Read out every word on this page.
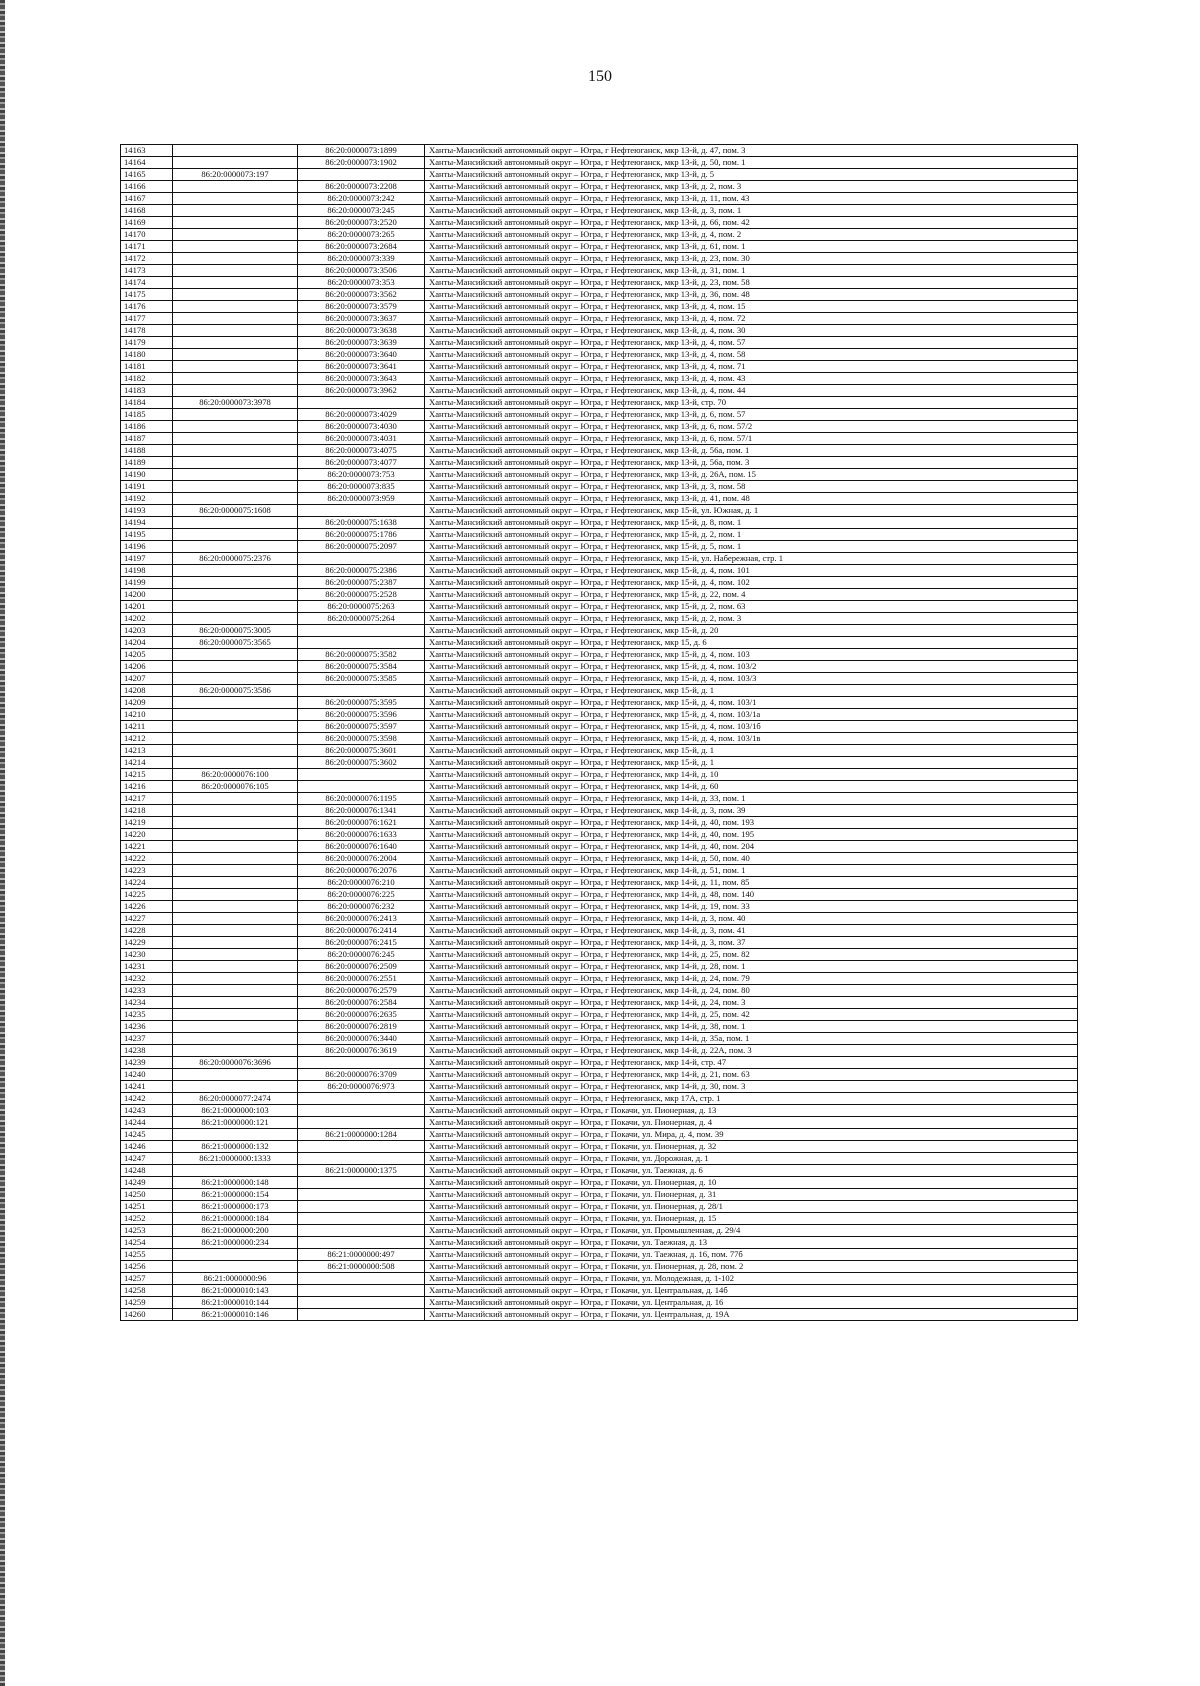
150
14163		86:20:0000073:1899	Ханты-Мансийский автономный округ – Югра, г Нефтеюганск, мкр 13-й, д. 47, пом. 3
14164		86:20:0000073:1902	Ханты-Мансийский автономный округ – Югра, г Нефтеюганск, мкр 13-й, д. 50, пом. 1
14165	86:20:0000073:197		Ханты-Мансийский автономный округ – Югра, г Нефтеюганск, мкр 13-й, д. 5
14166		86:20:0000073:2208	Ханты-Мансийский автономный округ – Югра, г Нефтеюганск, мкр 13-й, д. 2, пом. 3
14167		86:20:0000073:242	Ханты-Мансийский автономный округ – Югра, г Нефтеюганск, мкр 13-й, д. 11, пом. 43
14168		86:20:0000073:245	Ханты-Мансийский автономный округ – Югра, г Нефтеюганск, мкр 13-й, д. 3, пом. 1
14169		86:20:0000073:2520	Ханты-Мансийский автономный округ – Югра, г Нефтеюганск, мкр 13-й, д. 66, пом. 42
14170		86:20:0000073:265	Ханты-Мансийский автономный округ – Югра, г Нефтеюганск, мкр 13-й, д. 4, пом. 2
14171		86:20:0000073:2684	Ханты-Мансийский автономный округ – Югра, г Нефтеюганск, мкр 13-й, д. 61, пом. 1
14172		86:20:0000073:339	Ханты-Мансийский автономный округ – Югра, г Нефтеюганск, мкр 13-й, д. 23, пом. 30
14173		86:20:0000073:3506	Ханты-Мансийский автономный округ – Югра, г Нефтеюганск, мкр 13-й, д. 31, пом. 1
14174		86:20:0000073:353	Ханты-Мансийский автономный округ – Югра, г Нефтеюганск, мкр 13-й, д. 23, пом. 58
14175		86:20:0000073:3562	Ханты-Мансийский автономный округ – Югра, г Нефтеюганск, мкр 13-й, д. 36, пом. 48
14176		86:20:0000073:3579	Ханты-Мансийский автономный округ – Югра, г Нефтеюганск, мкр 13-й, д. 4, пом. 15
14177		86:20:0000073:3637	Ханты-Мансийский автономный округ – Югра, г Нефтеюганск, мкр 13-й, д. 4, пом. 72
14178		86:20:0000073:3638	Ханты-Мансийский автономный округ – Югра, г Нефтеюганск, мкр 13-й, д. 4, пом. 30
14179		86:20:0000073:3639	Ханты-Мансийский автономный округ – Югра, г Нефтеюганск, мкр 13-й, д. 4, пом. 57
14180		86:20:0000073:3640	Ханты-Мансийский автономный округ – Югра, г Нефтеюганск, мкр 13-й, д. 4, пом. 58
14181		86:20:0000073:3641	Ханты-Мансийский автономный округ – Югра, г Нефтеюганск, мкр 13-й, д. 4, пом. 71
14182		86:20:0000073:3643	Ханты-Мансийский автономный округ – Югра, г Нефтеюганск, мкр 13-й, д. 4, пом. 43
14183		86:20:0000073:3962	Ханты-Мансийский автономный округ – Югра, г Нефтеюганск, мкр 13-й, д. 4, пом. 44
14184	86:20:0000073:3978		Ханты-Мансийский автономный округ – Югра, г Нефтеюганск, мкр 13-й, стр. 70
14185		86:20:0000073:4029	Ханты-Мансийский автономный округ – Югра, г Нефтеюганск, мкр 13-й, д. 6, пом. 57
14186		86:20:0000073:4030	Ханты-Мансийский автономный округ – Югра, г Нефтеюганск, мкр 13-й, д. 6, пом. 57/2
14187		86:20:0000073:4031	Ханты-Мансийский автономный округ – Югра, г Нефтеюганск, мкр 13-й, д. 6, пом. 57/1
14188		86:20:0000073:4075	Ханты-Мансийский автономный округ – Югра, г Нефтеюганск, мкр 13-й, д. 56а, пом. 1
14189		86:20:0000073:4077	Ханты-Мансийский автономный округ – Югра, г Нефтеюганск, мкр 13-й, д. 56а, пом. 3
14190		86:20:0000073:753	Ханты-Мансийский автономный округ – Югра, г Нефтеюганск, мкр 13-й, д. 26А, пом. 15
14191		86:20:0000073:835	Ханты-Мансийский автономный округ – Югра, г Нефтеюганск, мкр 13-й, д. 3, пом. 58
14192		86:20:0000073:959	Ханты-Мансийский автономный округ – Югра, г Нефтеюганск, мкр 13-й, д. 41, пом. 48
14193	86:20:0000075:1608		Ханты-Мансийский автономный округ – Югра, г Нефтеюганск, мкр 15-й, ул. Южная, д. 1
14194		86:20:0000075:1638	Ханты-Мансийский автономный округ – Югра, г Нефтеюганск, мкр 15-й, д. 8, пом. 1
14195		86:20:0000075:1786	Ханты-Мансийский автономный округ – Югра, г Нефтеюганск, мкр 15-й, д. 2, пом. 1
14196		86:20:0000075:2097	Ханты-Мансийский автономный округ – Югра, г Нефтеюганск, мкр 15-й, д. 5, пом. 1
14197	86:20:0000075:2376		Ханты-Мансийский автономный округ – Югра, г Нефтеюганск, мкр 15-й, ул. Набережная, стр. 1
14198		86:20:0000075:2386	Ханты-Мансийский автономный округ – Югра, г Нефтеюганск, мкр 15-й, д. 4, пом. 101
14199		86:20:0000075:2387	Ханты-Мансийский автономный округ – Югра, г Нефтеюганск, мкр 15-й, д. 4, пом. 102
14200		86:20:0000075:2528	Ханты-Мансийский автономный округ – Югра, г Нефтеюганск, мкр 15-й, д. 22, пом. 4
14201		86:20:0000075:263	Ханты-Мансийский автономный округ – Югра, г Нефтеюганск, мкр 15-й, д. 2, пом. 63
14202		86:20:0000075:264	Ханты-Мансийский автономный округ – Югра, г Нефтеюганск, мкр 15-й, д. 2, пом. 3
14203	86:20:0000075:3005		Ханты-Мансийский автономный округ – Югра, г Нефтеюганск, мкр 15-й, д. 20
14204	86:20:0000075:3565		Ханты-Мансийский автономный округ – Югра, г Нефтеюганск, мкр 15, д. 6
14205		86:20:0000075:3582	Ханты-Мансийский автономный округ – Югра, г Нефтеюганск, мкр 15-й, д. 4, пом. 103
14206		86:20:0000075:3584	Ханты-Мансийский автономный округ – Югра, г Нефтеюганск, мкр 15-й, д. 4, пом. 103/2
14207		86:20:0000075:3585	Ханты-Мансийский автономный округ – Югра, г Нефтеюганск, мкр 15-й, д. 4, пом. 103/3
14208	86:20:0000075:3586		Ханты-Мансийский автономный округ – Югра, г Нефтеюганск, мкр 15-й, д. 1
14209		86:20:0000075:3595	Ханты-Мансийский автономный округ – Югра, г Нефтеюганск, мкр 15-й, д. 4, пом. 103/1
14210		86:20:0000075:3596	Ханты-Мансийский автономный округ – Югра, г Нефтеюганск, мкр 15-й, д. 4, пом. 103/1а
14211		86:20:0000075:3597	Ханты-Мансийский автономный округ – Югра, г Нефтеюганск, мкр 15-й, д. 4, пом. 103/1б
14212		86:20:0000075:3598	Ханты-Мансийский автономный округ – Югра, г Нефтеюганск, мкр 15-й, д. 4, пом. 103/1в
14213		86:20:0000075:3601	Ханты-Мансийский автономный округ – Югра, г Нефтеюганск, мкр 15-й, д. 1
14214		86:20:0000075:3602	Ханты-Мансийский автономный округ – Югра, г Нефтеюганск, мкр 15-й, д. 1
14215	86:20:0000076:100		Ханты-Мансийский автономный округ – Югра, г Нефтеюганск, мкр 14-й, д. 10
14216	86:20:0000076:105		Ханты-Мансийский автономный округ – Югра, г Нефтеюганск, мкр 14-й, д. 60
14217		86:20:0000076:1195	Ханты-Мансийский автономный округ – Югра, г Нефтеюганск, мкр 14-й, д. 33, пом. 1
14218		86:20:0000076:1341	Ханты-Мансийский автономный округ – Югра, г Нефтеюганск, мкр 14-й, д. 3, пом. 39
14219		86:20:0000076:1621	Ханты-Мансийский автономный округ – Югра, г Нефтеюганск, мкр 14-й, д. 40, пом. 193
14220		86:20:0000076:1633	Ханты-Мансийский автономный округ – Югра, г Нефтеюганск, мкр 14-й, д. 40, пом. 195
14221		86:20:0000076:1640	Ханты-Мансийский автономный округ – Югра, г Нефтеюганск, мкр 14-й, д. 40, пом. 204
14222		86:20:0000076:2004	Ханты-Мансийский автономный округ – Югра, г Нефтеюганск, мкр 14-й, д. 50, пом. 40
14223		86:20:0000076:2076	Ханты-Мансийский автономный округ – Югра, г Нефтеюганск, мкр 14-й, д. 51, пом. 1
14224		86:20:0000076:210	Ханты-Мансийский автономный округ – Югра, г Нефтеюганск, мкр 14-й, д. 11, пом. 85
14225		86:20:0000076:225	Ханты-Мансийский автономный округ – Югра, г Нефтеюганск, мкр 14-й, д. 48, пом. 140
14226		86:20:0000076:232	Ханты-Мансийский автономный округ – Югра, г Нефтеюганск, мкр 14-й, д. 19, пом. 33
14227		86:20:0000076:2413	Ханты-Мансийский автономный округ – Югра, г Нефтеюганск, мкр 14-й, д. 3, пом. 40
14228		86:20:0000076:2414	Ханты-Мансийский автономный округ – Югра, г Нефтеюганск, мкр 14-й, д. 3, пом. 41
14229		86:20:0000076:2415	Ханты-Мансийский автономный округ – Югра, г Нефтеюганск, мкр 14-й, д. 3, пом. 37
14230		86:20:0000076:245	Ханты-Мансийский автономный округ – Югра, г Нефтеюганск, мкр 14-й, д. 25, пом. 82
14231		86:20:0000076:2509	Ханты-Мансийский автономный округ – Югра, г Нефтеюганск, мкр 14-й, д. 28, пом. 1
14232		86:20:0000076:2551	Ханты-Мансийский автономный округ – Югра, г Нефтеюганск, мкр 14-й, д. 24, пом. 79
14233		86:20:0000076:2579	Ханты-Мансийский автономный округ – Югра, г Нефтеюганск, мкр 14-й, д. 24, пом. 80
14234		86:20:0000076:2584	Ханты-Мансийский автономный округ – Югра, г Нефтеюганск, мкр 14-й, д. 24, пом. 3
14235		86:20:0000076:2635	Ханты-Мансийский автономный округ – Югра, г Нефтеюганск, мкр 14-й, д. 25, пом. 42
14236		86:20:0000076:2819	Ханты-Мансийский автономный округ – Югра, г Нефтеюганск, мкр 14-й, д. 38, пом. 1
14237		86:20:0000076:3440	Ханты-Мансийский автономный округ – Югра, г Нефтеюганск, мкр 14-й, д. 35а, пом. 1
14238		86:20:0000076:3619	Ханты-Мансийский автономный округ – Югра, г Нефтеюганск, мкр 14-й, д. 22А, пом. 3
14239	86:20:0000076:3696		Ханты-Мансийский автономный округ – Югра, г Нефтеюганск, мкр 14-й, стр. 47
14240		86:20:0000076:3709	Ханты-Мансийский автономный округ – Югра, г Нефтеюганск, мкр 14-й, д. 21, пом. 63
14241		86:20:0000076:973	Ханты-Мансийский автономный округ – Югра, г Нефтеюганск, мкр 14-й, д. 30, пом. 3
14242	86:20:0000077:2474		Ханты-Мансийский автономный округ – Югра, г Нефтеюганск, мкр 17А, стр. 1
14243	86:21:0000000:103		Ханты-Мансийский автономный округ – Югра, г Покачи, ул. Пионерная, д. 13
14244	86:21:0000000:121		Ханты-Мансийский автономный округ – Югра, г Покачи, ул. Пионерная, д. 4
14245		86:21:0000000:1284	Ханты-Мансийский автономный округ – Югра, г Покачи, ул. Мира, д. 4, пом. 39
14246	86:21:0000000:132		Ханты-Мансийский автономный округ – Югра, г Покачи, ул. Пионерная, д. 32
14247	86:21:0000000:1333		Ханты-Мансийский автономный округ – Югра, г Покачи, ул. Дорожная, д. 1
14248		86:21:0000000:1375	Ханты-Мансийский автономный округ – Югра, г Покачи, ул. Таежная, д. 6
14249	86:21:0000000:148		Ханты-Мансийский автономный округ – Югра, г Покачи, ул. Пионерная, д. 10
14250	86:21:0000000:154		Ханты-Мансийский автономный округ – Югра, г Покачи, ул. Пионерная, д. 31
14251	86:21:0000000:173		Ханты-Мансийский автономный округ – Югра, г Покачи, ул. Пионерная, д. 28/1
14252	86:21:0000000:184		Ханты-Мансийский автономный округ – Югра, г Покачи, ул. Пионерная, д. 15
14253	86:21:0000000:200		Ханты-Мансийский автономный округ – Югра, г Покачи, ул. Промышленная, д. 29/4
14254	86:21:0000000:234		Ханты-Мансийский автономный округ – Югра, г Покачи, ул. Таежная, д. 13
14255		86:21:0000000:497	Ханты-Мансийский автономный округ – Югра, г Покачи, ул. Таежная, д. 16, пом. 77б
14256		86:21:0000000:508	Ханты-Мансийский автономный округ – Югра, г Покачи, ул. Пионерная, д. 28, пом. 2
14257	86:21:0000000:96		Ханты-Мансийский автономный округ – Югра, г Покачи, ул. Молодежная, д. 1-102
14258	86:21:0000010:143		Ханты-Мансийский автономный округ – Югра, г Покачи, ул. Центральная, д. 14б
14259	86:21:0000010:144		Ханты-Мансийский автономный округ – Югра, г Покачи, ул. Центральная, д. 16
14260	86:21:0000010:146		Ханты-Мансийский автономный округ – Югра, г Покачи, ул. Центральная, д. 19А
